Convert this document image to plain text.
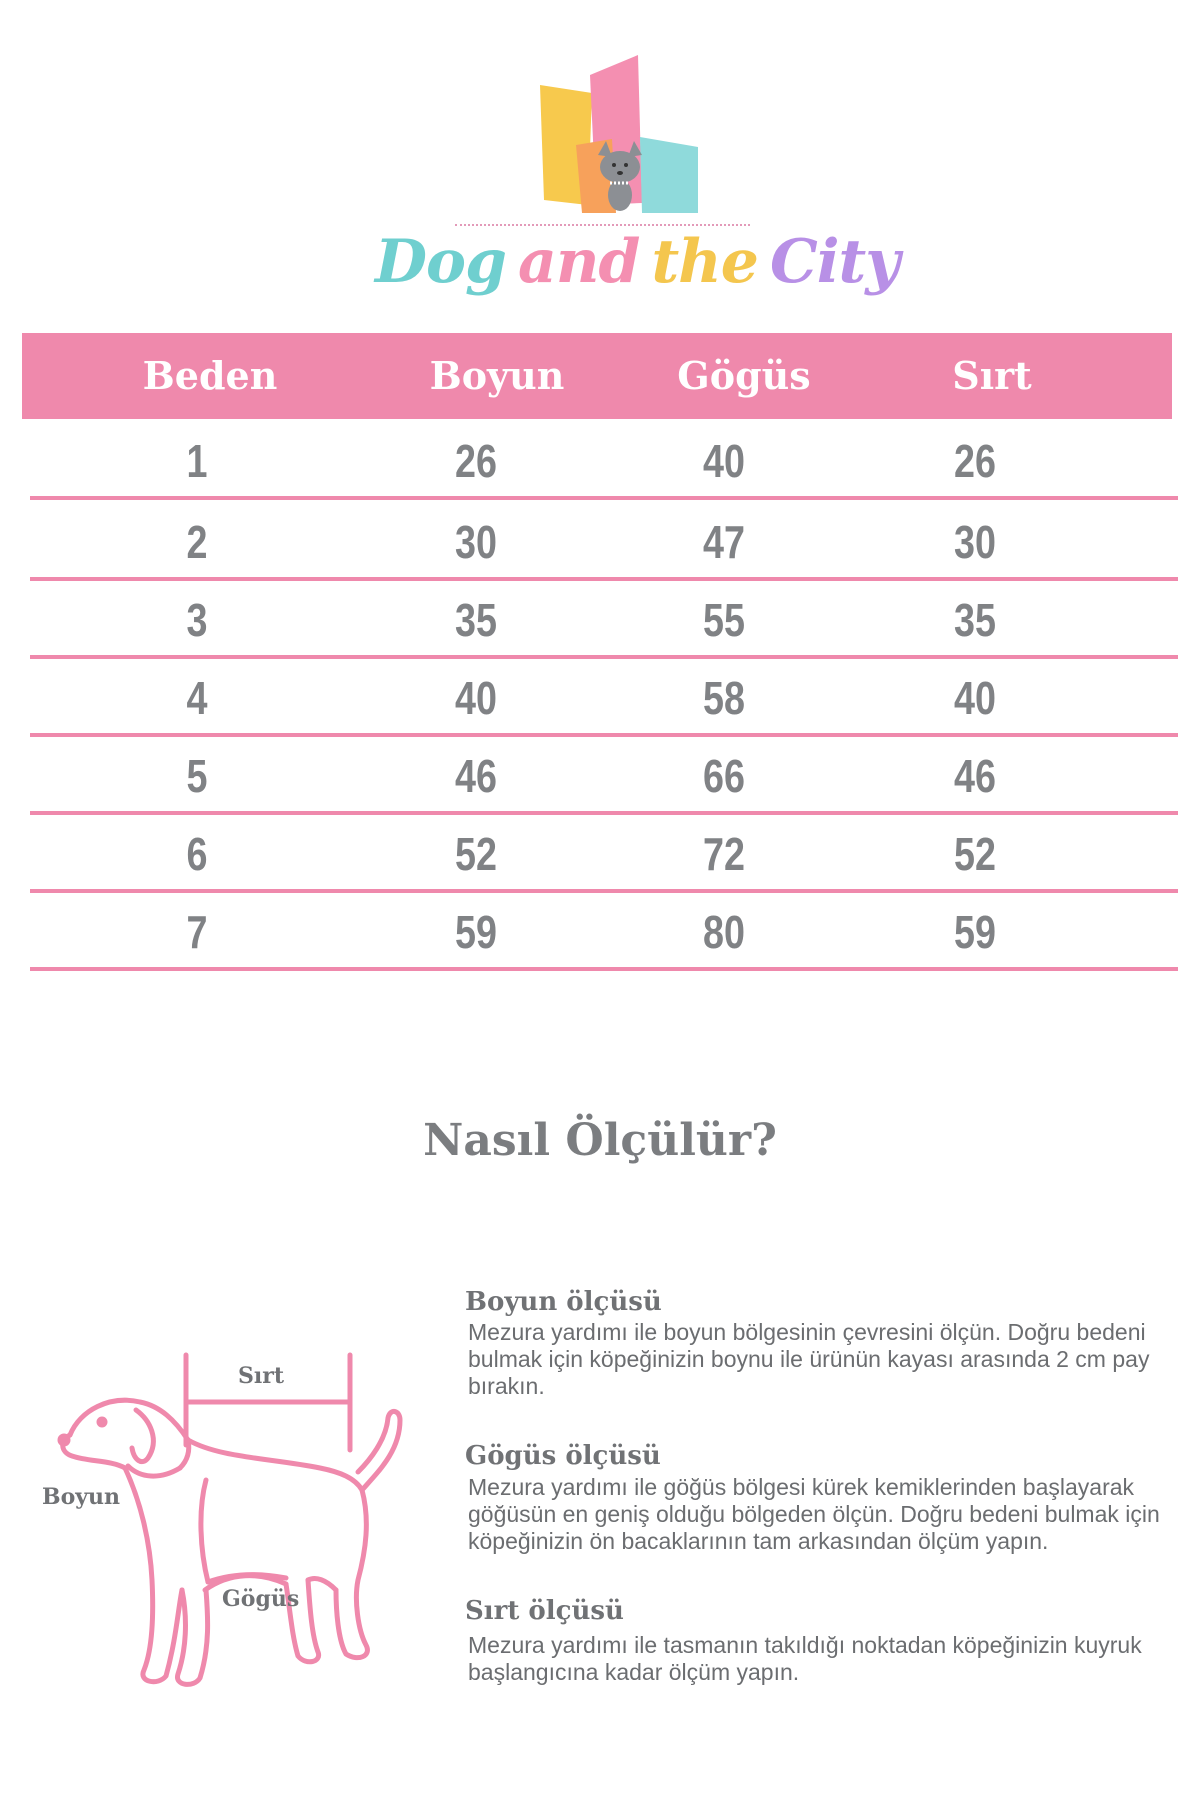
Dog and the City
Beden	Boyun	Gögüs	Sırt
1	26	40	26
2	30	47	30
3	35	55	35
4	40	58	40
5	46	66	46
6	52	72	52
7	59	80	59
Nasıl Ölçülür?
Sırt
Boyun
Gögüs
Boyun ölçüsü
Mezura yardımı ile boyun bölgesinin çevresini ölçün. Doğru bedeni bulmak için köpeğinizin boynu ile ürünün kayası arasında 2 cm pay bırakın.
Gögüs ölçüsü
Mezura yardımı ile göğüs bölgesi kürek kemiklerinden başlayarak göğüsün en geniş olduğu bölgeden ölçün. Doğru bedeni bulmak için köpeğinizin ön bacaklarının tam arkasından ölçüm yapın.
Sırt ölçüsü
Mezura yardımı ile tasmanın takıldığı noktadan köpeğinizin kuyruk başlangıcına kadar ölçüm yapın.
